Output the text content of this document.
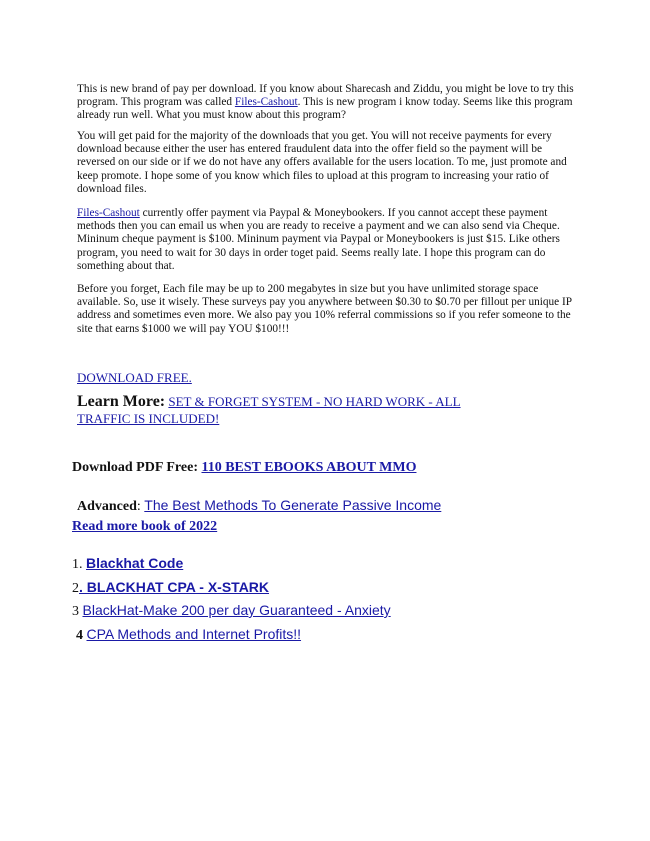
This is new brand of pay per download. If you know about Sharecash and Ziddu, you might be love to try this program. This program was called Files-Cashout. This is new program i know today. Seems like this program already run well. What you must know about this program?

You will get paid for the majority of the downloads that you get. You will not receive payments for every download because either the user has entered fraudulent data into the offer field so the payment will be reversed on our side or if we do not have any offers available for the users location. To me, just promote and keep promote. I hope some of you know which files to upload at this program to increasing your ratio of download files.

Files-Cashout currently offer payment via Paypal & Moneybookers. If you cannot accept these payment methods then you can email us when you are ready to receive a payment and we can also send via Cheque. Mininum cheque payment is $100. Mininum payment via Paypal or Moneybookers is just $15. Like others program, you need to wait for 30 days in order toget paid. Seems really late. I hope this program can do something about that.

Before you forget, Each file may be up to 200 megabytes in size but you have unlimited storage space available. So, use it wisely. These surveys pay you anywhere between $0.30 to $0.70 per fillout per unique IP address and sometimes even more. We also pay you 10% referral commissions so if you refer someone to the site that earns $1000 we will pay YOU $100!!!

DOWNLOAD FREE.
Learn More: SET & FORGET SYSTEM - NO HARD WORK - ALL
TRAFFIC IS INCLUDED!
Download PDF Free: 110 BEST EBOOKS ABOUT MMO
Advanced: The Best Methods To Generate Passive Income
Read more book of 2022
1. Blackhat Code
2. BLACKHAT CPA - X-STARK
3 BlackHat-Make 200 per day Guaranteed - Anxiety
4 CPA Methods and Internet Profits!!
